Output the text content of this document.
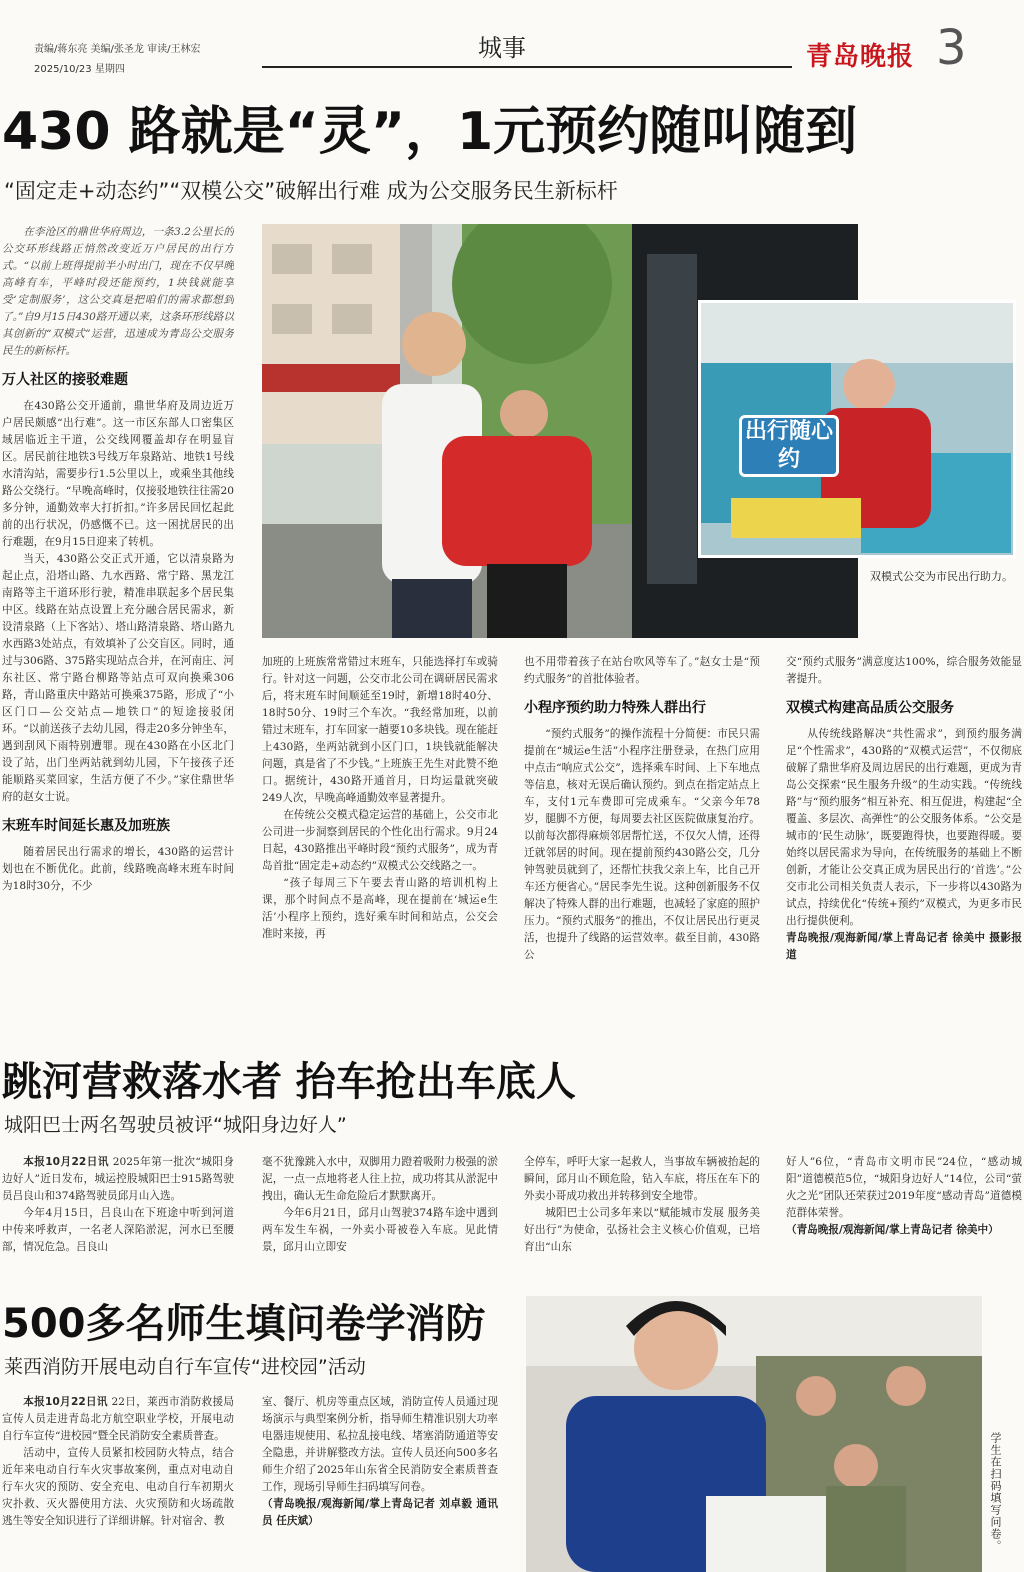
责编/蒋东亮 美编/张圣龙 审读/王林宏
2025/10/23 星期四
城事	青岛晚报 3
430 路就是“灵”，1元预约随叫随到
“固定走+动态约”“双模公交”破解出行难 成为公交服务民生新标杆

在李沧区的鼎世华府周边，一条3.2公里长的公交环形线路正悄然改变近万户居民的出行方式。“以前上班得提前半小时出门，现在不仅早晚高峰有车，平峰时段还能预约，1块钱就能享受‘定制服务’，这公交真是把咱们的需求都想到了。”自9月15日430路开通以来，这条环形线路以其创新的“双模式”运营，迅速成为青岛公交服务民生的新标杆。

万人社区的接驳难题

在430路公交开通前，鼎世华府及周边近万户居民颇感“出行难”。这一市区东部人口密集区域居临近主干道，公交线网覆盖却存在明显盲区。居民前往地铁3号线万年泉路站、地铁1号线水清沟站，需要步行1.5公里以上，或乘坐其他线路公交绕行。“早晚高峰时，仅接驳地铁往往需20多分钟，通勤效率大打折扣。”许多居民回忆起此前的出行状况，仍感慨不已。这一困扰居民的出行难题，在9月15日迎来了转机。

当天，430路公交正式开通，它以清泉路为起止点，沿塔山路、九水西路、常宁路、黑龙江南路等主干道环形行驶，精准串联起多个居民集中区。线路在站点设置上充分融合居民需求，新设清泉路（上下客站）、塔山路清泉路、塔山路九水西路3处站点，有效填补了公交盲区。同时，通过与306路、375路实现站点合并，在河南庄、河东社区、常宁路台柳路等站点可双向换乘306路，青山路重庆中路站可换乘375路，形成了“小区门口—公交站点—地铁口”的短途接驳闭环。“以前送孩子去幼儿园，得走20多分钟坐车，遇到刮风下雨特别遭罪。现在430路在小区北门设了站，出门坐两站就到幼儿园，下午接孩子还能顺路买菜回家，生活方便了不少。”家住鼎世华府的赵女士说。

末班车时间延长惠及加班族

随着居民出行需求的增长，430路的运营计划也在不断优化。此前，线路晚高峰末班车时间为18时30分，不少

出行随心约
双模式公交为市民出行助力。

加班的上班族常常错过末班车，只能选择打车或骑行。针对这一问题，公交市北公司在调研居民需求后，将末班车时间顺延至19时，新增18时40分、18时50分、19时三个车次。“我经常加班，以前错过末班车，打车回家一趟要10多块钱。现在能赶上430路，坐两站就到小区门口，1块钱就能解决问题，真是省了不少钱。”上班族王先生对此赞不绝口。据统计，430路开通首月，日均运量就突破249人次，早晚高峰通勤效率显著提升。

在传统公交模式稳定运营的基础上，公交市北公司进一步洞察到居民的个性化出行需求。9月24日起，430路推出平峰时段“预约式服务”，成为青岛首批“固定走+动态约”双模式公交线路之一。

“孩子每周三下午要去青山路的培训机构上课，那个时间点不是高峰，现在提前在‘城运e生活’小程序上预约，选好乘车时间和站点，公交会准时来接，再

也不用带着孩子在站台吹风等车了。”赵女士是“预约式服务”的首批体验者。

小程序预约助力特殊人群出行

“预约式服务”的操作流程十分简便：市民只需提前在“城运e生活”小程序注册登录，在热门应用中点击“响应式公交”，选择乘车时间、上下车地点等信息，核对无误后确认预约。到点在指定站点上车，支付1元车费即可完成乘车。“父亲今年78岁，腿脚不方便，每周要去社区医院做康复治疗。以前每次都得麻烦邻居帮忙送，不仅欠人情，还得迁就邻居的时间。现在提前预约430路公交，几分钟驾驶员就到了，还帮忙扶我父亲上车，比自己开车还方便省心。”居民李先生说。这种创新服务不仅解决了特殊人群的出行难题，也减轻了家庭的照护压力。“预约式服务”的推出，不仅让居民出行更灵活，也提升了线路的运营效率。截至目前，430路公

交“预约式服务”满意度达100%，综合服务效能显著提升。

双模式构建高品质公交服务

从传统线路解决“共性需求”，到预约服务满足“个性需求”，430路的“双模式运营”，不仅彻底破解了鼎世华府及周边居民的出行难题，更成为青岛公交探索“民生服务升级”的生动实践。“传统线路”与“预约服务”相互补充、相互促进，构建起“全覆盖、多层次、高弹性”的公交服务体系。“公交是城市的‘民生动脉’，既要跑得快，也要跑得暖。要始终以居民需求为导向，在传统服务的基础上不断创新，才能让公交真正成为居民出行的‘首选’。”公交市北公司相关负责人表示，下一步将以430路为试点，持续优化“传统+预约”双模式，为更多市民出行提供便利。

青岛晚报/观海新闻/掌上青岛记者 徐美中 摄影报道

跳河营救落水者 抬车抢出车底人
城阳巴士两名驾驶员被评“城阳身边好人”

本报10月22日讯 2025年第一批次“城阳身边好人”近日发布，城运控股城阳巴士915路驾驶员吕良山和374路驾驶员邱月山入选。

今年4月15日，吕良山在下班途中听到河道中传来呼救声，一名老人深陷淤泥，河水已至腰部，情况危急。吕良山

毫不犹豫跳入水中，双脚用力蹬着吸附力极强的淤泥，一点一点地将老人往上拉，成功将其从淤泥中拽出，确认无生命危险后才默默离开。

今年6月21日，邱月山驾驶374路车途中遇到两车发生车祸，一外卖小哥被卷入车底。见此情景，邱月山立即安

全停车，呼吁大家一起救人，当事故车辆被抬起的瞬间，邱月山不顾危险，钻入车底，将压在车下的外卖小哥成功救出并转移到安全地带。

城阳巴士公司多年来以“赋能城市发展 服务美好出行”为使命，弘扬社会主义核心价值观，已培育出“山东

好人”6位，“青岛市文明市民”24位，“感动城阳”道德模范5位，“城阳身边好人”14位，公司“萤火之光”团队还荣获过2019年度“感动青岛”道德模范群体荣誉。

（青岛晚报/观海新闻/掌上青岛记者 徐美中）

500多名师生填问卷学消防
莱西消防开展电动自行车宣传“进校园”活动

本报10月22日讯 22日，莱西市消防救援局宣传人员走进青岛北方航空职业学校，开展电动自行车宣传“进校园”暨全民消防安全素质普查。

活动中，宣传人员紧扣校园防火特点，结合近年来电动自行车火灾事故案例，重点对电动自行车火灾的预防、安全充电、电动自行车初期火灾扑救、灭火器使用方法、火灾预防和火场疏散逃生等安全知识进行了详细讲解。针对宿舍、教

室、餐厅、机房等重点区域，消防宣传人员通过现场演示与典型案例分析，指导师生精准识别大功率电器违规使用、私拉乱接电线、堵塞消防通道等安全隐患，并讲解整改方法。宣传人员还向500多名师生介绍了2025年山东省全民消防安全素质普查工作，现场引导师生扫码填写问卷。

（青岛晚报/观海新闻/掌上青岛记者 刘卓毅 通讯员 任庆斌）	学生在扫码填写问卷。
